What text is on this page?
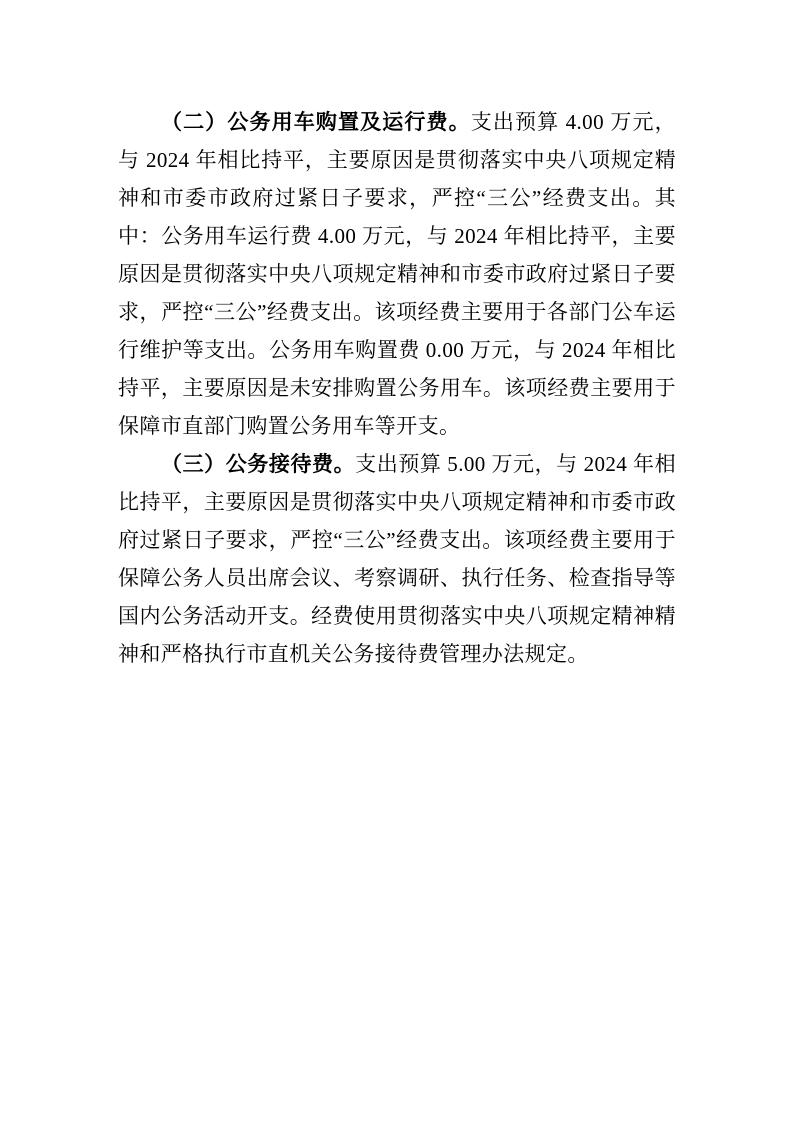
（二）公务用车购置及运行费。支出预算 4.00 万元，与 2024 年相比持平，主要原因是贯彻落实中央八项规定精神和市委市政府过紧日子要求，严控“三公”经费支出。其中：公务用车运行费 4.00 万元，与 2024 年相比持平，主要原因是贯彻落实中央八项规定精神和市委市政府过紧日子要求，严控“三公”经费支出。该项经费主要用于各部门公车运行维护等支出。公务用车购置费 0.00 万元，与 2024 年相比持平，主要原因是未安排购置公务用车。该项经费主要用于保障市直部门购置公务用车等开支。

（三）公务接待费。支出预算 5.00 万元，与 2024 年相比持平，主要原因是贯彻落实中央八项规定精神和市委市政府过紧日子要求，严控“三公”经费支出。该项经费主要用于保障公务人员出席会议、考察调研、执行任务、检查指导等国内公务活动开支。经费使用贯彻落实中央八项规定精神精神和严格执行市直机关公务接待费管理办法规定。
